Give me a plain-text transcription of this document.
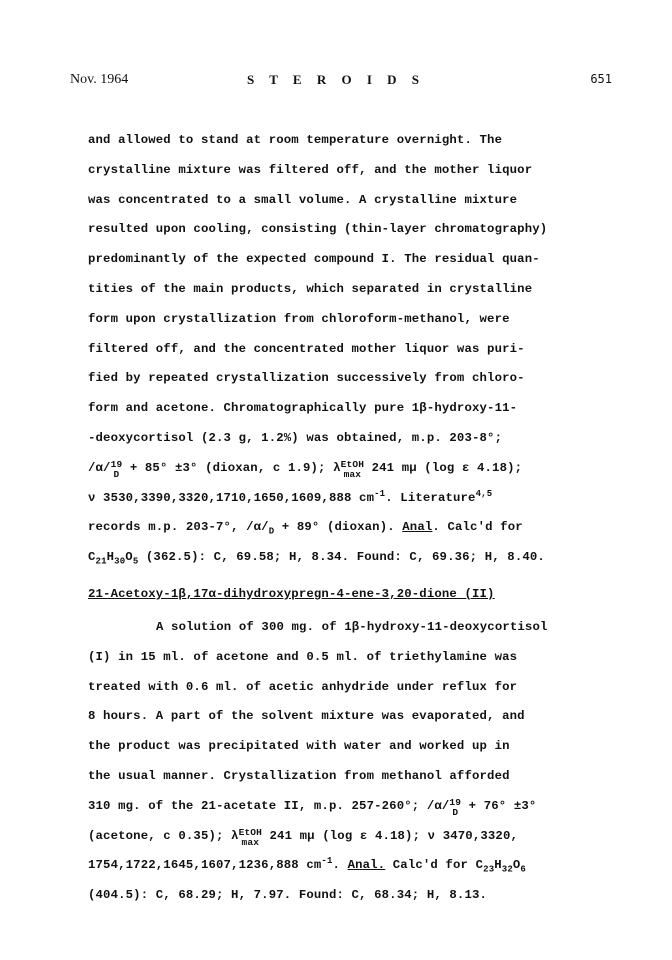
Nov. 1964	S T E R O I D S	651
and allowed to stand at room temperature overnight. The
crystalline mixture was filtered off, and the mother liquor
was concentrated to a small volume. A crystalline mixture
resulted upon cooling, consisting (thin-layer chromatography)
predominantly of the expected compound I. The residual quan-
tities of the main products, which separated in crystalline
form upon crystallization from chloroform-methanol, were
filtered off, and the concentrated mother liquor was puri-
fied by repeated crystallization successively from chloro-
form and acetone. Chromatographically pure 1β-hydroxy-11-
-deoxycortisol (2.3 g, 1.2%) was obtained, m.p. 203-8°;
/α/ 19
D + 85° ±3° (dioxan, c 1.9); λ EtOH
max 241 mμ (log ε 4.18);
ν 3530,3390,3320,1710,1650,1609,888 $cm^{-1}$. Literature$^{4,5}$
records m.p. 203-7°, $/\alpha/_D + 89^\circ$ (dioxan). Anal. Calc'd for
$C_{21}H_{30}O_5$ (362.5): C, 69.58; H, 8.34. Found: C, 69.36; H, 8.40.
21-Acetoxy-1β,17α-dihydroxypregn-4-ene-3,20-dione (II)
A solution of 300 mg. of 1β-hydroxy-11-deoxycortisol
(I) in 15 ml. of acetone and 0.5 ml. of triethylamine was
treated with 0.6 ml. of acetic anhydride under reflux for
8 hours. A part of the solvent mixture was evaporated, and
the product was precipitated with water and worked up in
the usual manner. Crystallization from methanol afforded
310 mg. of the 21-acetate II, m.p. 257-260°; /α/ 19
D + 76° ±3°
(acetone, c 0.35); λ EtOH
max 241 mμ (log ε 4.18); ν 3470,3320,
1754,1722,1645,1607,1236,888 $cm^{-1}$. Anal. Calc'd for $C_{23}H_{32}O_6$
(404.5): C, 68.29; H, 7.97. Found: C, 68.34; H, 8.13.
